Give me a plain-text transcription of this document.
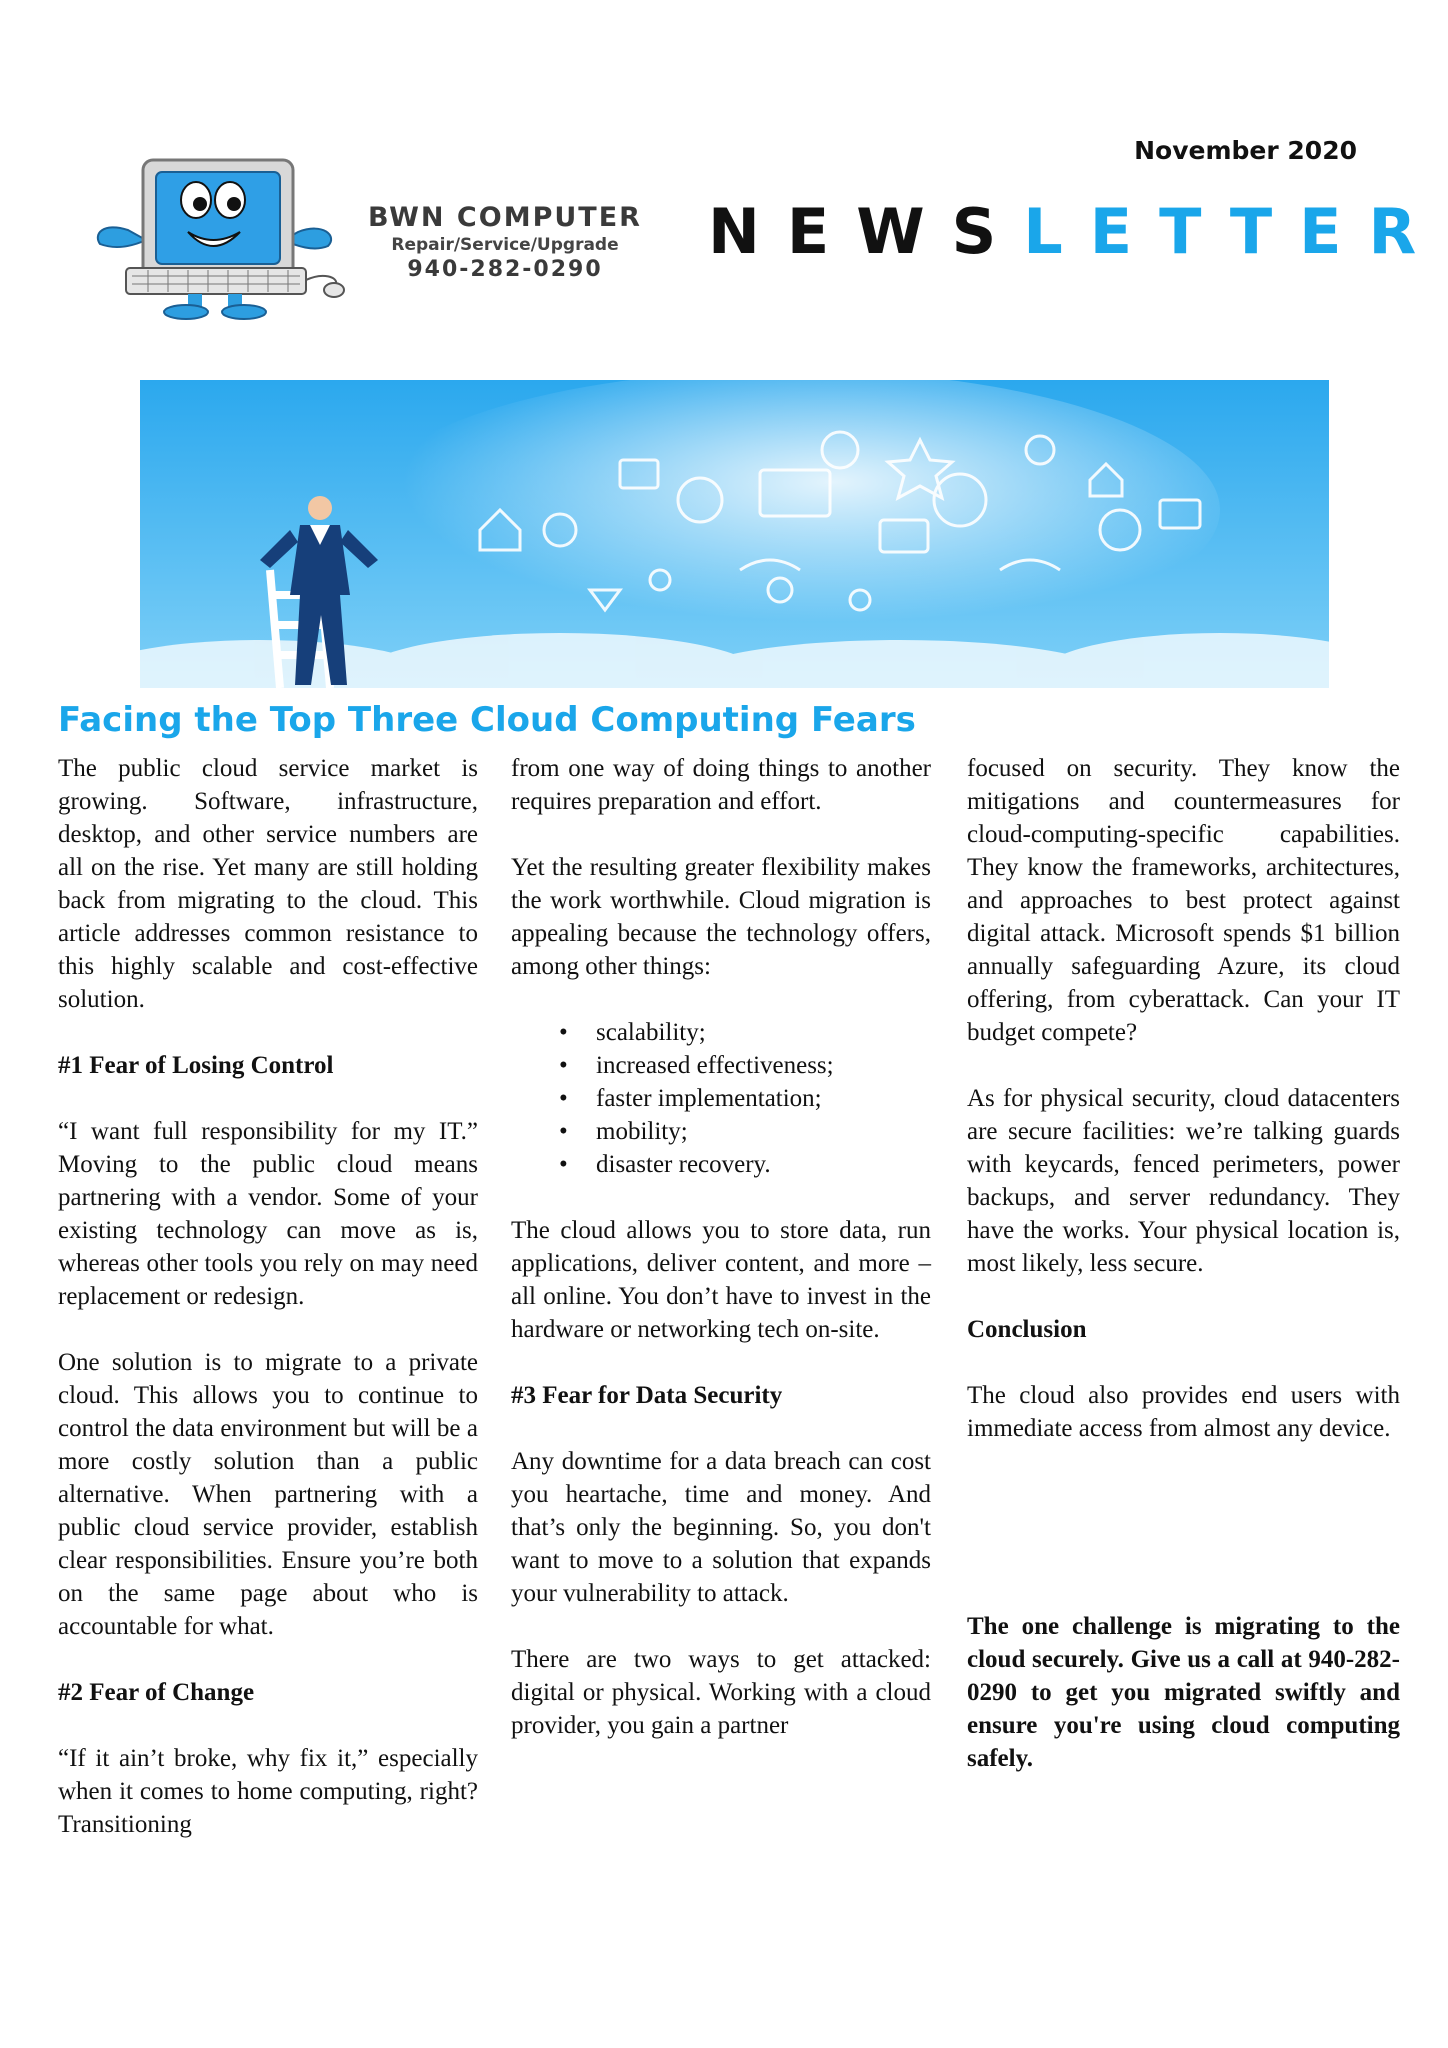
November 2020
BWN COMPUTER
Repair/Service/Upgrade
940-282-0290
NEWSLETTER
Facing the Top Three Cloud Computing Fears

The public cloud service market is growing. Software, infrastructure, desktop, and other service numbers are all on the rise. Yet many are still holding back from migrating to the cloud. This article addresses common resistance to this highly scalable and cost-effective solution.

#1 Fear of Losing Control

“I want full responsibility for my IT.” Moving to the public cloud means partnering with a vendor. Some of your existing technology can move as is, whereas other tools you rely on may need replacement or redesign.

One solution is to migrate to a private cloud. This allows you to continue to control the data environment but will be a more costly solution than a public alternative. When partnering with a public cloud service provider, establish clear responsibilities. Ensure you’re both on the same page about who is accountable for what.

#2 Fear of Change

“If it ain’t broke, why fix it,” especially when it comes to home computing, right? Transitioning

from one way of doing things to another requires preparation and effort.

Yet the resulting greater flexibility makes the work worthwhile. Cloud migration is appealing because the technology offers, among other things:

• scalability;
• increased effectiveness;
• faster implementation;
• mobility;
• disaster recovery.

The cloud allows you to store data, run applications, deliver content, and more – all online. You don’t have to invest in the hardware or networking tech on-site.

#3 Fear for Data Security

Any downtime for a data breach can cost you heartache, time and money. And that’s only the beginning. So, you don't want to move to a solution that expands your vulnerability to attack.

There are two ways to get attacked: digital or physical. Working with a cloud provider, you gain a partner

focused on security. They know the mitigations and countermeasures for cloud-computing-specific capabilities. They know the frameworks, architectures, and approaches to best protect against digital attack. Microsoft spends $1 billion annually safeguarding Azure, its cloud offering, from cyberattack. Can your IT budget compete?

As for physical security, cloud datacenters are secure facilities: we’re talking guards with keycards, fenced perimeters, power backups, and server redundancy. They have the works. Your physical location is, most likely, less secure.

Conclusion

The cloud also provides end users with immediate access from almost any device.

The one challenge is migrating to the cloud securely. Give us a call at 940-282-0290 to get you migrated swiftly and ensure you're using cloud computing safely.
